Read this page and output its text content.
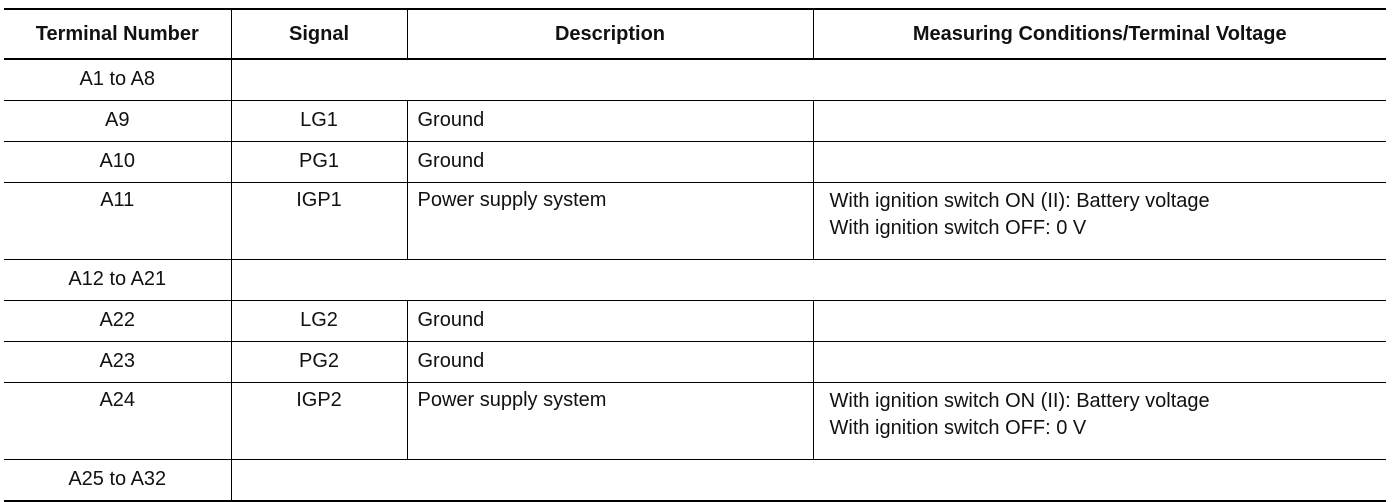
Terminal Number	Signal	Description	Measuring Conditions/Terminal Voltage

A1 to A8			

A9	LG1	Ground	

A10	PG1	Ground	

A11	IGP1	Power supply system	With ignition switch ON (II): Battery voltage
With ignition switch OFF: 0 V

A12 to A21			

A22	LG2	Ground	

A23	PG2	Ground	

A24	IGP2	Power supply system	With ignition switch ON (II): Battery voltage
With ignition switch OFF: 0 V

A25 to A32			
